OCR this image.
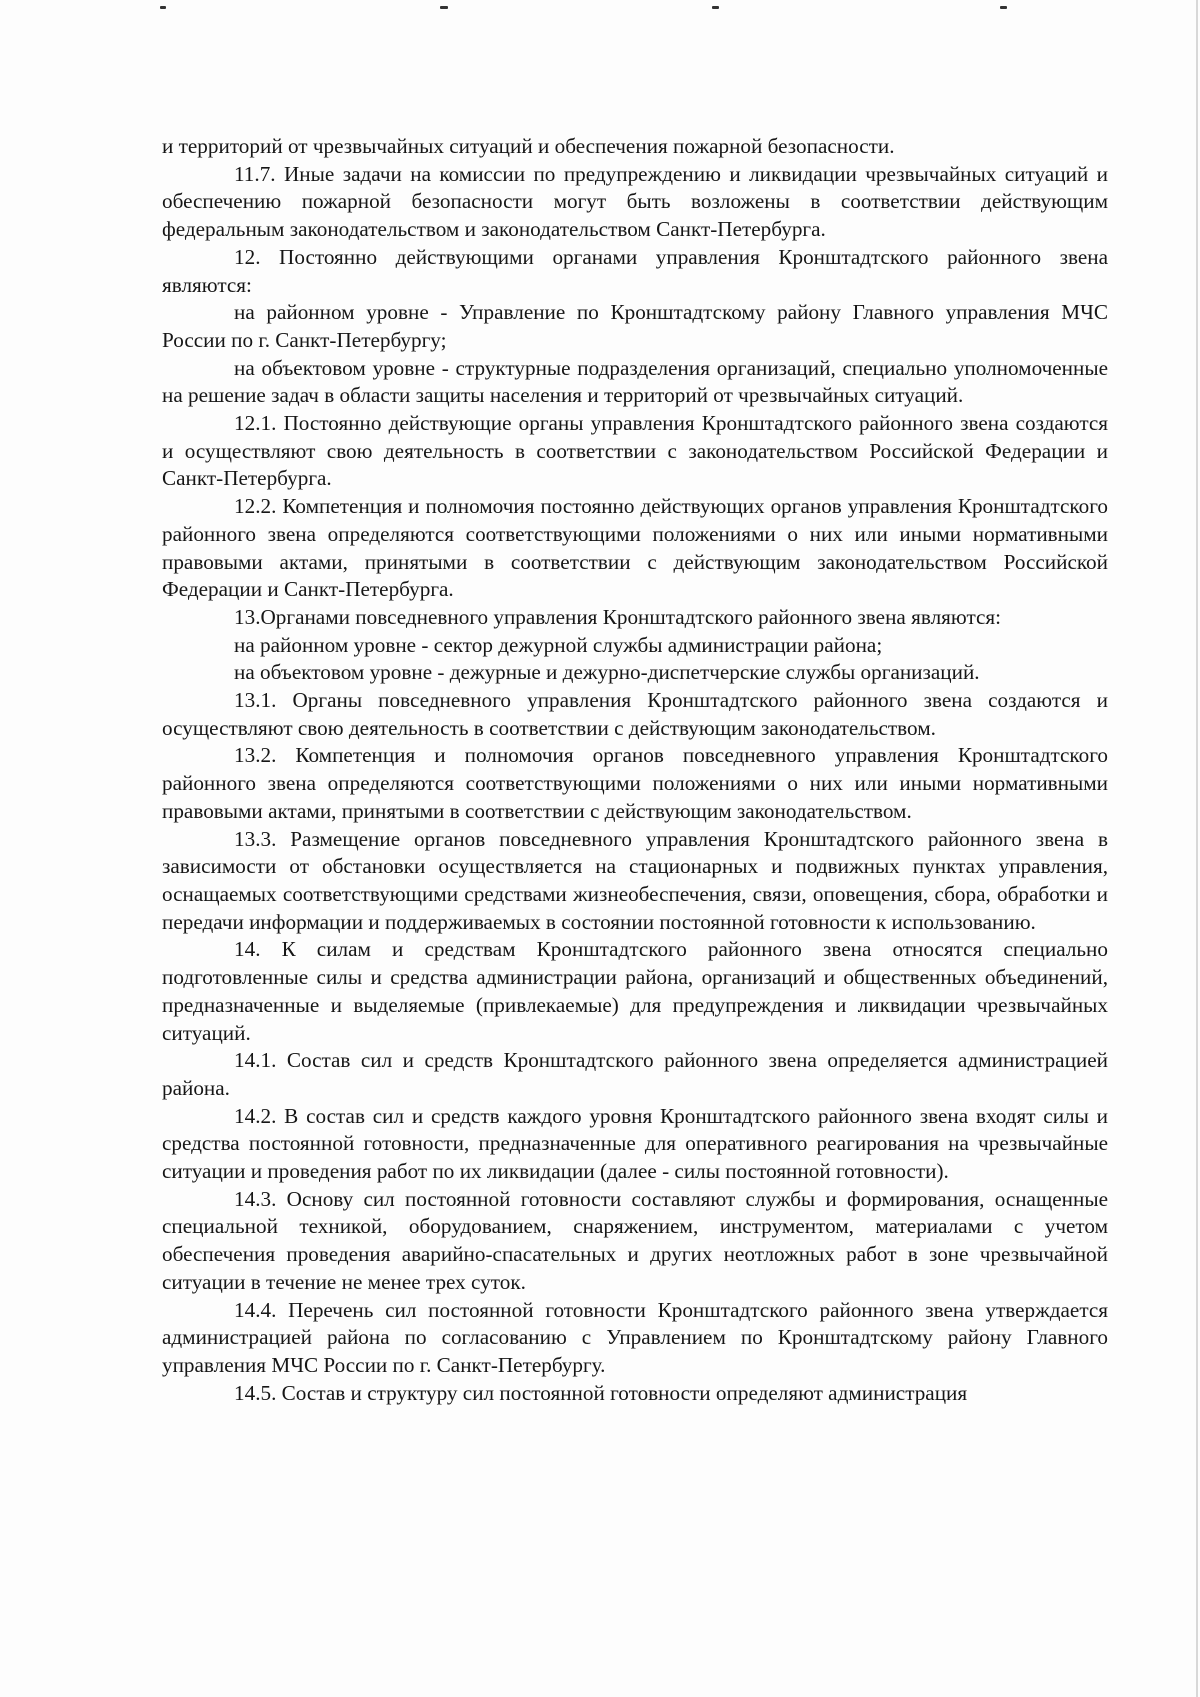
и территорий от чрезвычайных ситуаций и обеспечения пожарной безопасности.

11.7. Иные задачи на комиссии по предупреждению и ликвидации чрезвычайных ситуаций и обеспечению пожарной безопасности могут быть возложены в соответствии действующим федеральным законодательством и законодательством Санкт-Петербурга.

12. Постоянно действующими органами управления Кронштадтского районного звена являются:

на районном уровне - Управление по Кронштадтскому району Главного управления МЧС России по г. Санкт-Петербургу;

на объектовом уровне - структурные подразделения организаций, специально уполномоченные на решение задач в области защиты населения и территорий от чрезвычайных ситуаций.

12.1. Постоянно действующие органы управления Кронштадтского районного звена создаются и осуществляют свою деятельность в соответствии с законодательством Российской Федерации и Санкт-Петербурга.

12.2. Компетенция и полномочия постоянно действующих органов управления Кронштадтского районного звена определяются соответствующими положениями о них или иными нормативными правовыми актами, принятыми в соответствии с действующим законодательством Российской Федерации и Санкт-Петербурга.

13.Органами повседневного управления Кронштадтского районного звена являются:

на районном уровне - сектор дежурной службы администрации района;

на объектовом уровне - дежурные и дежурно-диспетчерские службы организаций.

13.1. Органы повседневного управления Кронштадтского районного звена создаются и осуществляют свою деятельность в соответствии с действующим законодательством.

13.2. Компетенция и полномочия органов повседневного управления Кронштадтского районного звена определяются соответствующими положениями о них или иными нормативными правовыми актами, принятыми в соответствии с действующим законодательством.

13.3. Размещение органов повседневного управления Кронштадтского районного звена в зависимости от обстановки осуществляется на стационарных и подвижных пунктах управления, оснащаемых соответствующими средствами жизнеобеспечения, связи, оповещения, сбора, обработки и передачи информации и поддерживаемых в состоянии постоянной готовности к использованию.

14. К силам и средствам Кронштадтского районного звена относятся специально подготовленные силы и средства администрации района, организаций и общественных объединений, предназначенные и выделяемые (привлекаемые) для предупреждения и ликвидации чрезвычайных ситуаций.

14.1. Состав сил и средств Кронштадтского районного звена определяется администрацией района.

14.2. В состав сил и средств каждого уровня Кронштадтского районного звена входят силы и средства постоянной готовности, предназначенные для оперативного реагирования на чрезвычайные ситуации и проведения работ по их ликвидации (далее - силы постоянной готовности).

14.3. Основу сил постоянной готовности составляют службы и формирования, оснащенные специальной техникой, оборудованием, снаряжением, инструментом, материалами с учетом обеспечения проведения аварийно-спасательных и других неотложных работ в зоне чрезвычайной ситуации в течение не менее трех суток.

14.4. Перечень сил постоянной готовности Кронштадтского районного звена утверждается администрацией района по согласованию с Управлением по Кронштадтскому району Главного управления МЧС России по г. Санкт-Петербургу.

14.5. Состав и структуру сил постоянной готовности определяют администрация
